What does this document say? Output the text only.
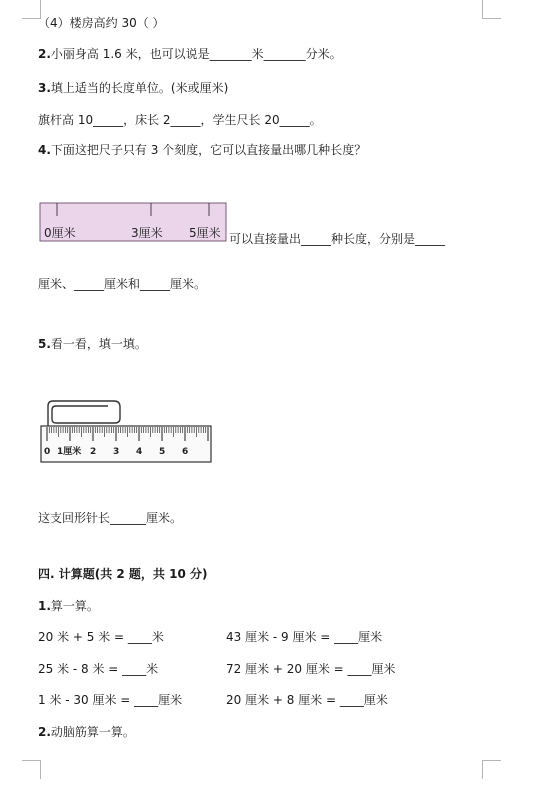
（4）楼房高约 30（ ）
2.小丽身高 1.6 米，也可以说是_______米_______分米。
3.填上适当的长度单位。(米或厘米)
旗杆高 10_____，床长 2_____，学生尺长 20_____。
4.下面这把尺子只有 3 个刻度，它可以直接量出哪几种长度？
0厘米	3厘米 5厘米 可以直接量出_____种长度，分别是_____
厘米、_____厘米和_____厘米。
5.看一看，填一填。
0 1厘米 2 3 4 5 6
这支回形针长______厘米。
四. 计算题(共 2 题，共 10 分)
1.算一算。
20 米 + 5 米 = ____米	43 厘米 - 9 厘米 = ____厘米
25 米 - 8 米 = ____米	72 厘米 + 20 厘米 = ____厘米
1 米 - 30 厘米 = ____厘米	20 厘米 + 8 厘米 = ____厘米
2.动脑筋算一算。
